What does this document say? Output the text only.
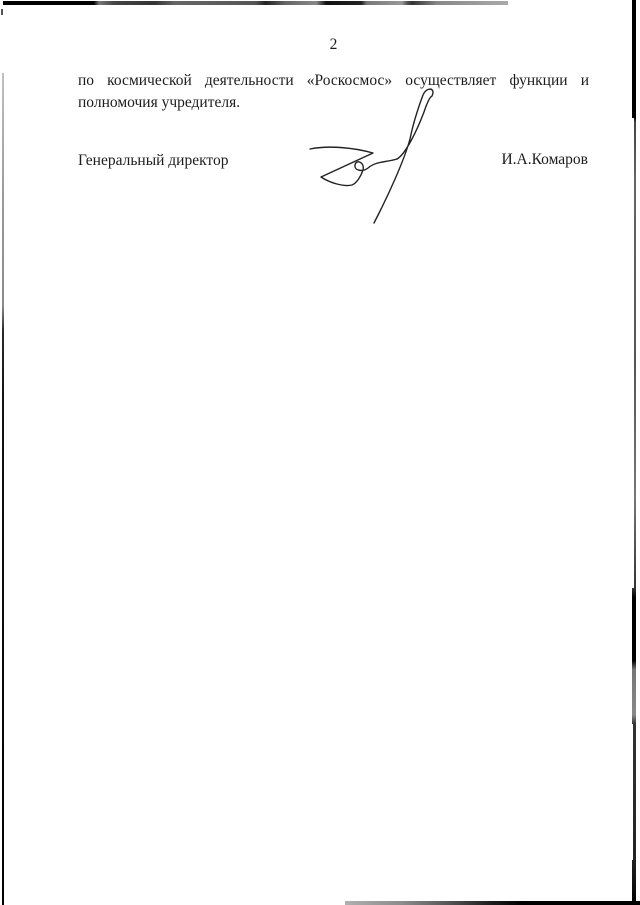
2
по космической деятельности «Роскосмос» осуществляет функции и
полномочия учредителя.
Генеральный директор	И.А.Комаров
